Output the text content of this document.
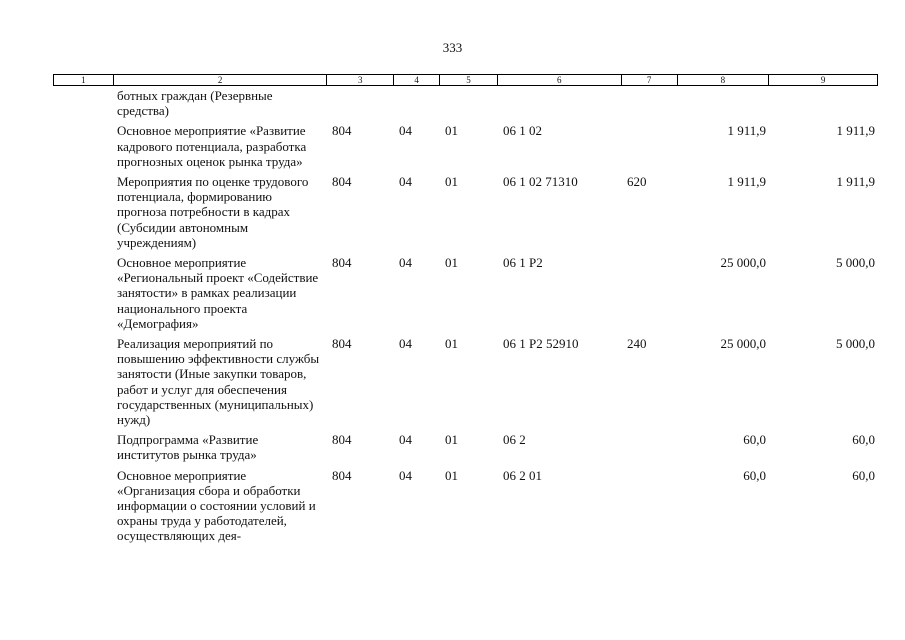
333
1	2	3	4	5	6	7	8	9
	ботных граждан (Резервные средства)							
	Основное мероприятие «Развитие кадрового потенциала, разработка прогнозных оценок рынка труда»	804	04	01	06 1 02		1 911,9	1 911,9
	Мероприятия по оценке трудового потенциала, формированию прогноза потребности в кадрах (Субсидии автономным учреждениям)	804	04	01	06 1 02 71310	620	1 911,9	1 911,9
	Основное мероприятие «Региональный проект «Содействие занятости» в рамках реализации национального проекта «Демография»	804	04	01	06 1 P2		25 000,0	5 000,0
	Реализация мероприятий по повышению эффективности службы занятости (Иные закупки товаров, работ и услуг для обеспечения государственных (муниципальных) нужд)	804	04	01	06 1 P2 52910	240	25 000,0	5 000,0
	Подпрограмма «Развитие институтов рынка труда»	804	04	01	06 2		60,0	60,0
	Основное мероприятие «Организация сбора и обработки информации о состоянии условий и охраны труда у работодателей, осуществляющих дея-	804	04	01	06 2 01		60,0	60,0
